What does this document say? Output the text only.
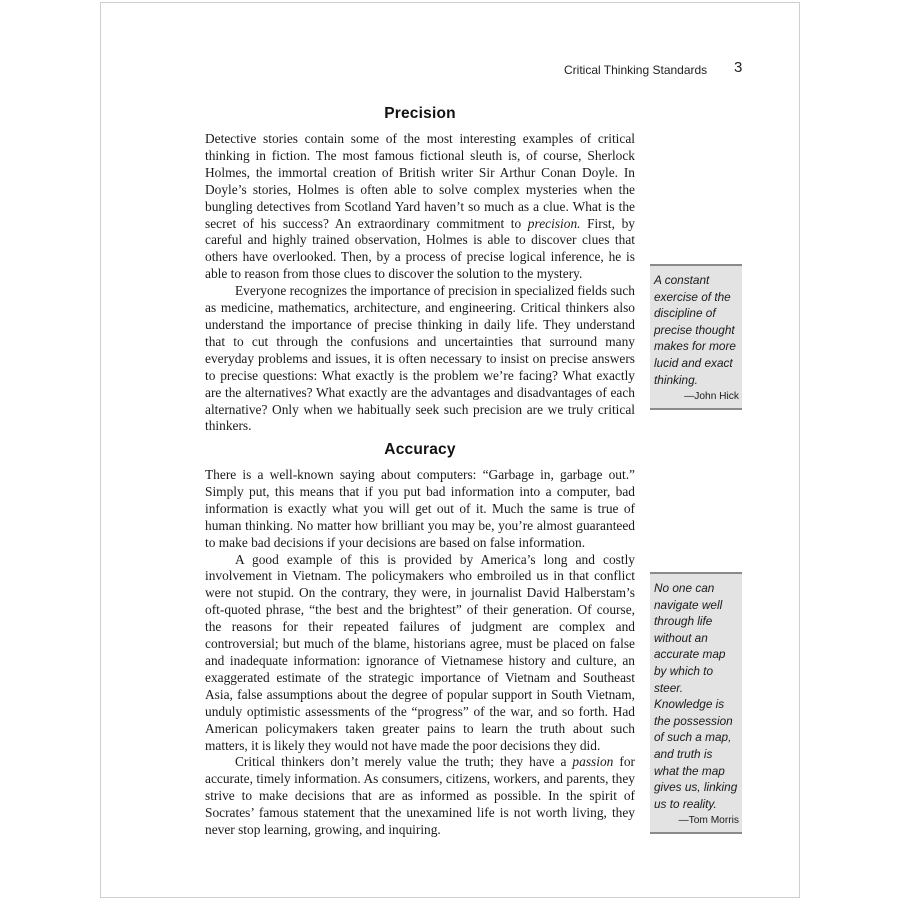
Critical Thinking Standards 3
Precision

Detective stories contain some of the most interesting examples of critical thinking in fiction. The most famous fictional sleuth is, of course, Sherlock Holmes, the immortal creation of British writer Sir Arthur Conan Doyle. In Doyle’s stories, Holmes is often able to solve complex mysteries when the bungling detectives from Scotland Yard haven’t so much as a clue. What is the secret of his success? An extraordinary commitment to precision. First, by careful and highly trained observation, Holmes is able to discover clues that others have overlooked. Then, by a process of precise logical inference, he is able to reason from those clues to discover the solution to the mystery.

Everyone recognizes the importance of precision in specialized fields such as medicine, mathematics, architecture, and engineering. Critical thinkers also understand the importance of precise thinking in daily life. They understand that to cut through the confusions and uncertainties that surround many everyday problems and issues, it is often necessary to insist on precise answers to precise questions: What exactly is the problem we’re facing? What exactly are the alternatives? What exactly are the advantages and disadvantages of each alternative? Only when we habitually seek such precision are we truly critical thinkers.

Accuracy

There is a well-known saying about computers: “Garbage in, garbage out.” Simply put, this means that if you put bad information into a computer, bad information is exactly what you will get out of it. Much the same is true of human thinking. No matter how brilliant you may be, you’re almost guaranteed to make bad decisions if your decisions are based on false information.

A good example of this is provided by America’s long and costly involvement in Vietnam. The policymakers who embroiled us in that conflict were not stupid. On the contrary, they were, in journalist David Halberstam’s oft-quoted phrase, “the best and the brightest” of their generation. Of course, the reasons for their repeated failures of judgment are complex and controversial; but much of the blame, historians agree, must be placed on false and inadequate information: ignorance of Vietnamese history and culture, an exaggerated estimate of the strategic importance of Vietnam and Southeast Asia, false assumptions about the degree of popular support in South Vietnam, unduly optimistic assessments of the “progress” of the war, and so forth. Had American policymakers taken greater pains to learn the truth about such matters, it is likely they would not have made the poor decisions they did.

Critical thinkers don’t merely value the truth; they have a passion for accurate, timely information. As consumers, citizens, workers, and parents, they strive to make decisions that are as informed as possible. In the spirit of Socrates’ famous statement that the unexamined life is not worth living, they never stop learning, growing, and inquiring.

A constant exercise of the discipline of precise thought makes for more lucid and exact thinking.

—John Hick

No one can navigate well through life without an accurate map by which to steer. Knowledge is the possession of such a map, and truth is what the map gives us, linking us to reality.

—Tom Morris
